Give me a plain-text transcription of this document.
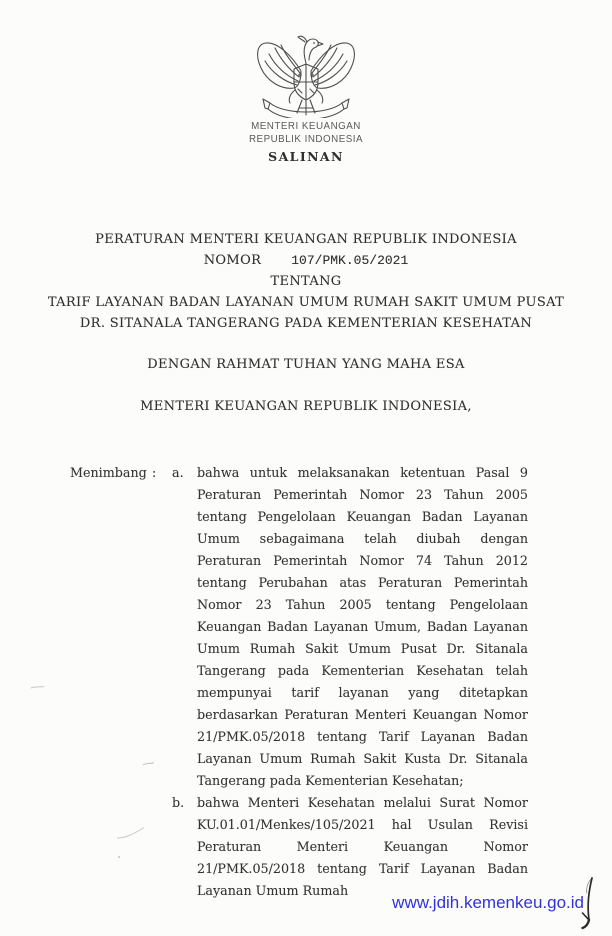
MENTERI KEUANGAN
REPUBLIK INDONESIA
SALINAN
PERATURAN MENTERI KEUANGAN REPUBLIK INDONESIA
NOMOR 107/PMK.05/2021
TENTANG
TARIF LAYANAN BADAN LAYANAN UMUM RUMAH SAKIT UMUM PUSAT
DR. SITANALA TANGERANG PADA KEMENTERIAN KESEHATAN
DENGAN RAHMAT TUHAN YANG MAHA ESA
MENTERI KEUANGAN REPUBLIK INDONESIA,
Menimbang :	a.	bahwa untuk melaksanakan ketentuan Pasal 9 Peraturan Pemerintah Nomor 23 Tahun 2005 tentang Pengelolaan Keuangan Badan Layanan Umum sebagaimana telah diubah dengan Peraturan Pemerintah Nomor 74 Tahun 2012 tentang Perubahan atas Peraturan Pemerintah Nomor 23 Tahun 2005 tentang Pengelolaan Keuangan Badan Layanan Umum, Badan Layanan Umum Rumah Sakit Umum Pusat Dr. Sitanala Tangerang pada Kementerian Kesehatan telah mempunyai tarif layanan yang ditetapkan berdasarkan Peraturan Menteri Keuangan Nomor 21/PMK.05/2018 tentang Tarif Layanan Badan Layanan Umum Rumah Sakit Kusta Dr. Sitanala Tangerang pada Kementerian Kesehatan;

b.	bahwa Menteri Kesehatan melalui Surat Nomor KU.01.01/Menkes/105/2021 hal Usulan Revisi Peraturan Menteri Keuangan Nomor 21/PMK.05/2018 tentang Tarif Layanan Badan Layanan Umum Rumah

www.jdih.kemenkeu.go.id
